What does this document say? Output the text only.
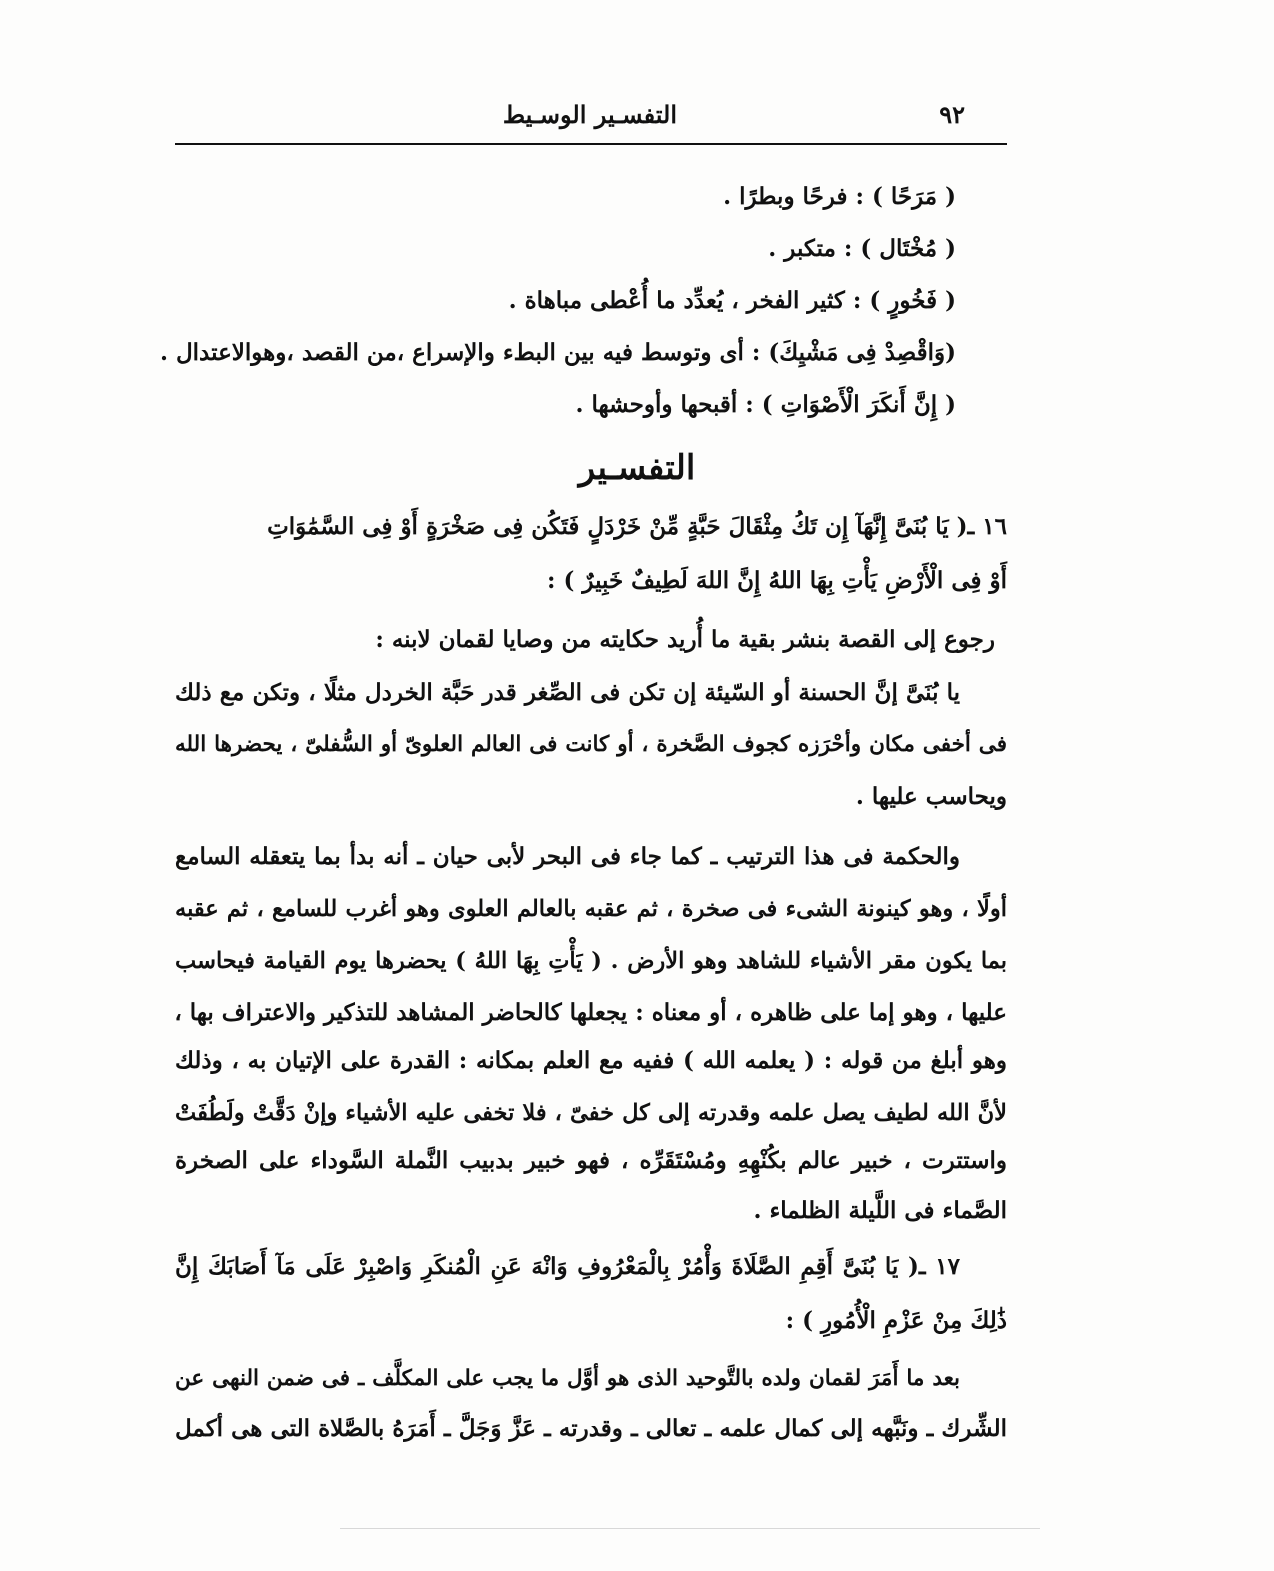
٩٢
التفسـير الوسـيط
( مَرَحًا ) : فرحًا وبطرًا .
( مُخْتَال ) : متكبر .
( فَخُورٍ ) : كثير الفخر ، يُعدِّد ما أُعْطى مباهاة .
(وَاقْصِدْ فِى مَشْيِكَ) : أى وتوسط فيه بين البطء والإسراع ،من القصد ،وهوالاعتدال .
( إِنَّ أَنكَرَ الْأَصْوَاتِ ) : أقبحها وأوحشها .
التفسـير
١٦ ـ( يَا بُنَىَّ إِنَّهَآ إِن تَكُ مِثْقَالَ حَبَّةٍ مِّنْ خَرْدَلٍ فَتَكُن فِى صَخْرَةٍ أَوْ فِى السَّمَٰوَاتِ
أَوْ فِى الْأَرْضِ يَأْتِ بِهَا اللهُ إِنَّ اللهَ لَطِيفٌ خَبِيرٌ ) :
رجوع إلى القصة بنشر بقية ما أُريد حكايته من وصايا لقمان لابنه :
يا بُنَىَّ إنَّ الحسنة أو السّيئة إن تكن فى الصِّغر قدر حَبَّة الخردل مثلًا ، وتكن مع ذلك
فى أخفى مكان وأحْرَزه كجوف الصَّخرة ، أو كانت فى العالم العلوىّ أو السُّفلىّ ، يحضرها الله
ويحاسب عليها .
والحكمة فى هذا الترتيب ـ كما جاء فى البحر لأبى حيان ـ أنه بدأ بما يتعقله السامع
أولًا ، وهو كينونة الشىء فى صخرة ، ثم عقبه بالعالم العلوى وهو أغرب للسامع ، ثم عقبه
بما يكون مقر الأشياء للشاهد وهو الأرض . ( يَأْتِ بِهَا اللهُ ) يحضرها يوم القيامة فيحاسب
عليها ، وهو إما على ظاهره ، أو معناه : يجعلها كالحاضر المشاهد للتذكير والاعتراف بها ،
وهو أبلغ من قوله : ( يعلمه الله ) ففيه مع العلم بمكانه : القدرة على الإتيان به ، وذلك
لأنَّ الله لطيف يصل علمه وقدرته إلى كل خفىّ ، فلا تخفى عليه الأشياء وإنْ دَقَّتْ ولَطُفَتْ
واستترت ، خبير عالم بكُنْهِهِ ومُسْتَقَرِّه ، فهو خبير بدبيب النَّملة السَّوداء على الصخرة
الصَّماء فى اللَّيلة الظلماء .
١٧ ـ( يَا بُنَىَّ أَقِمِ الصَّلَاةَ وَأْمُرْ بِالْمَعْرُوفِ وَانْهَ عَنِ الْمُنكَرِ وَاصْبِرْ عَلَى مَآ أَصَابَكَ إِنَّ
ذَٰلِكَ مِنْ عَزْمِ الْأُمُورِ ) :
بعد ما أَمَرَ لقمان ولده بالتَّوحيد الذى هو أوَّل ما يجب على المكلَّف ـ فى ضمن النهى عن
الشِّرك ـ ونَبَّهه إلى كمال علمه ـ تعالى ـ وقدرته ـ عَزَّ وَجَلَّ ـ أَمَرَهُ بالصَّلاة التى هى أكمل
